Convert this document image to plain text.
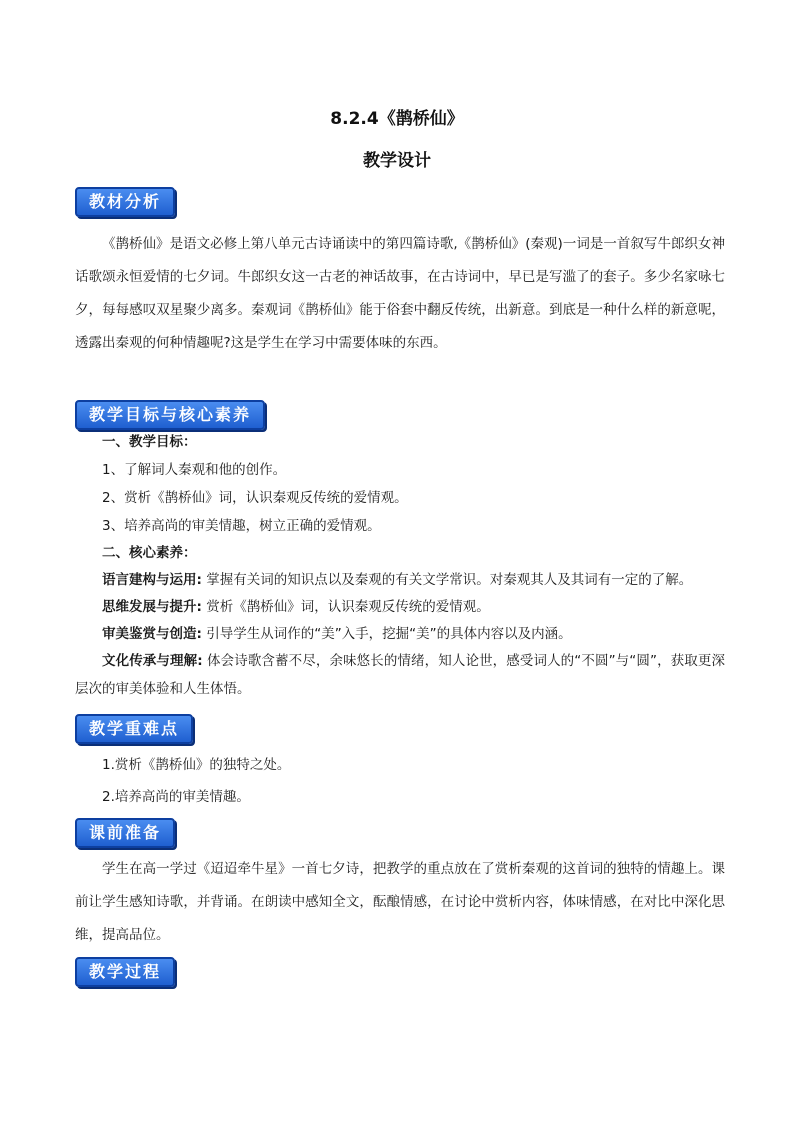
8.2.4《鹊桥仙》
教学设计
教材分析

《鹊桥仙》是语文必修上第八单元古诗诵读中的第四篇诗歌,《鹊桥仙》(秦观)一词是一首叙写牛郎织女神话歌颂永恒爱情的七夕词。牛郎织女这一古老的神话故事，在古诗词中，早已是写滥了的套子。多少名家咏七夕，每每感叹双星聚少离多。秦观词《鹊桥仙》能于俗套中翻反传统，出新意。到底是一种什么样的新意呢，透露出秦观的何种情趣呢?这是学生在学习中需要体味的东西。

教学目标与核心素养
一、教学目标：
1、了解词人秦观和他的创作。
2、赏析《鹊桥仙》词，认识秦观反传统的爱情观。
3、培养高尚的审美情趣，树立正确的爱情观。
二、核心素养：
语言建构与运用: 掌握有关词的知识点以及秦观的有关文学常识。对秦观其人及其词有一定的了解。
思维发展与提升: 赏析《鹊桥仙》词，认识秦观反传统的爱情观。
审美鉴赏与创造: 引导学生从词作的“美”入手，挖掘“美”的具体内容以及内涵。

文化传承与理解: 体会诗歌含蓄不尽，余味悠长的情绪，知人论世，感受词人的“不圆”与“圆”，获取更深层次的审美体验和人生体悟。

教学重难点
1.赏析《鹊桥仙》的独特之处。
2.培养高尚的审美情趣。
课前准备

学生在高一学过《迢迢牵牛星》一首七夕诗，把教学的重点放在了赏析秦观的这首词的独特的情趣上。课前让学生感知诗歌，并背诵。在朗读中感知全文，酝酿情感，在讨论中赏析内容，体味情感，在对比中深化思维，提高品位。

教学过程
